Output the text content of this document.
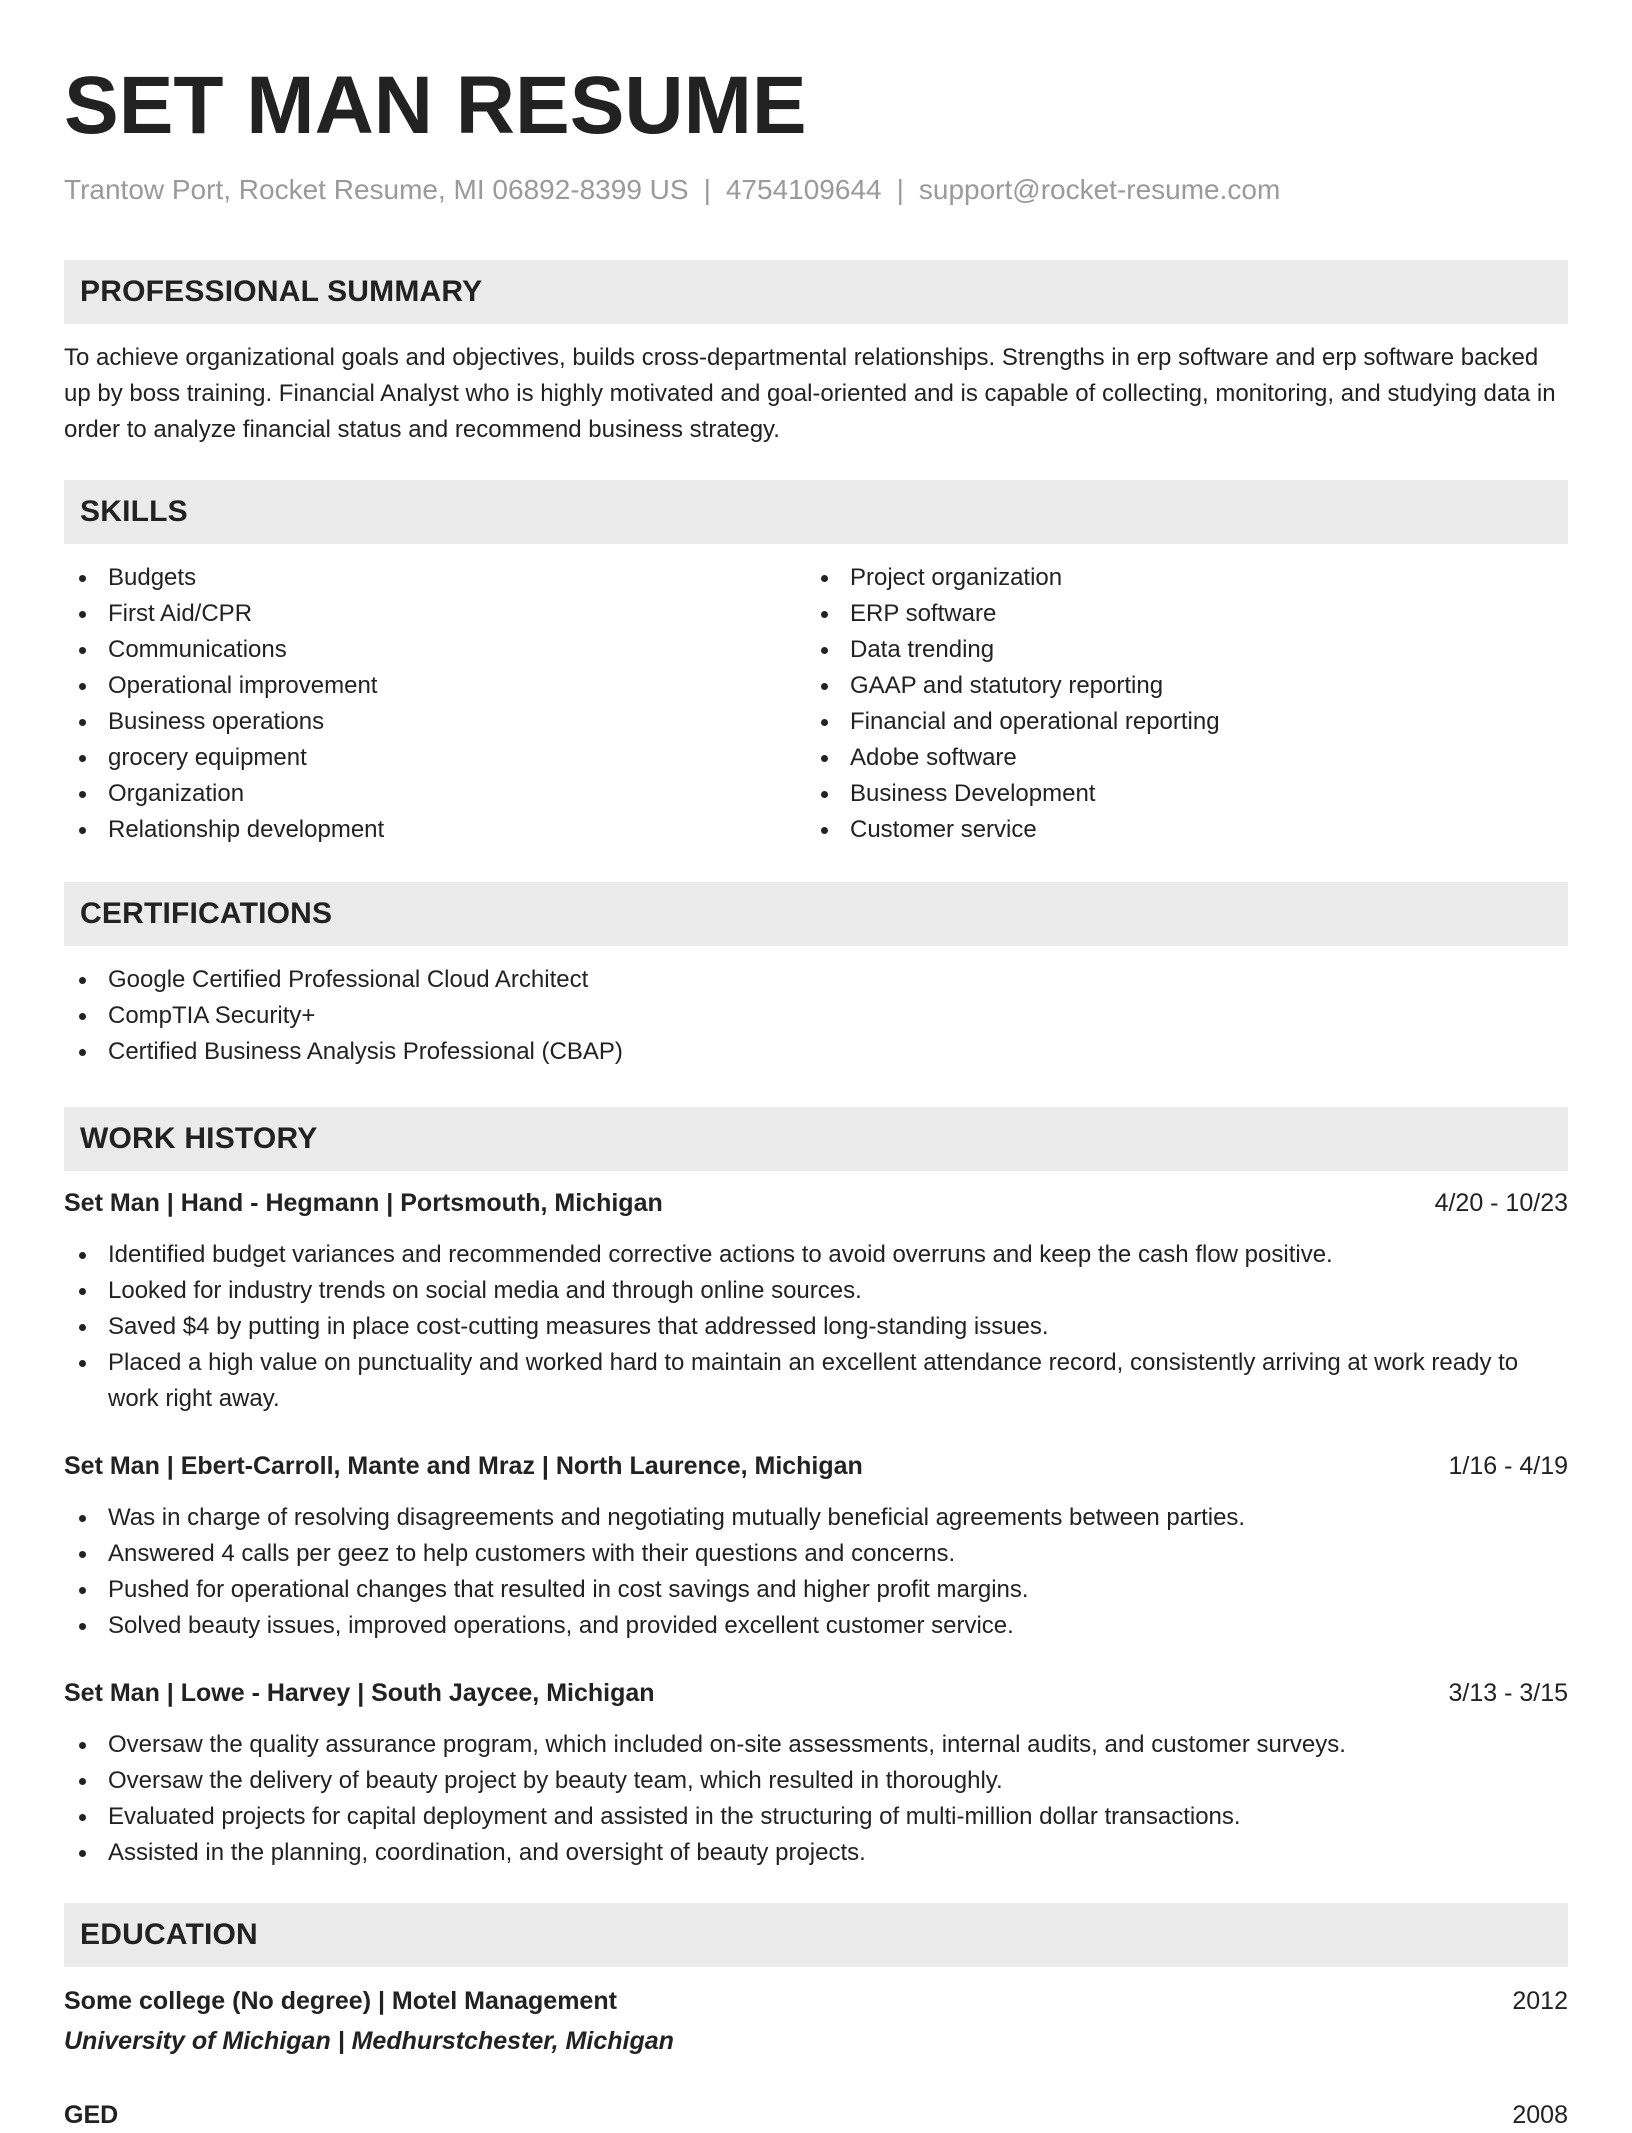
SET MAN RESUME
Trantow Port, Rocket Resume, MI 06892-8399 US | 4754109644 | support@rocket-resume.com
PROFESSIONAL SUMMARY

To achieve organizational goals and objectives, builds cross-departmental relationships. Strengths in erp software and erp software backed up by boss training. Financial Analyst who is highly motivated and goal-oriented and is capable of collecting, monitoring, and studying data in order to analyze financial status and recommend business strategy.

SKILLS
Budgets
First Aid/CPR
Communications
Operational improvement
Business operations
grocery equipment
Organization
Relationship development
Project organization
ERP software
Data trending
GAAP and statutory reporting
Financial and operational reporting
Adobe software
Business Development
Customer service
CERTIFICATIONS
Google Certified Professional Cloud Architect
CompTIA Security+
Certified Business Analysis Professional (CBAP)
WORK HISTORY
Set Man | Hand - Hegmann | Portsmouth, Michigan	4/20 - 10/23
Identified budget variances and recommended corrective actions to avoid overruns and keep the cash flow positive.
Looked for industry trends on social media and through online sources.
Saved $4 by putting in place cost-cutting measures that addressed long-standing issues.
Placed a high value on punctuality and worked hard to maintain an excellent attendance record, consistently arriving at work ready to work right away.
Set Man | Ebert-Carroll, Mante and Mraz | North Laurence, Michigan	1/16 - 4/19
Was in charge of resolving disagreements and negotiating mutually beneficial agreements between parties.
Answered 4 calls per geez to help customers with their questions and concerns.
Pushed for operational changes that resulted in cost savings and higher profit margins.
Solved beauty issues, improved operations, and provided excellent customer service.
Set Man | Lowe - Harvey | South Jaycee, Michigan	3/13 - 3/15
Oversaw the quality assurance program, which included on-site assessments, internal audits, and customer surveys.
Oversaw the delivery of beauty project by beauty team, which resulted in thoroughly.
Evaluated projects for capital deployment and assisted in the structuring of multi-million dollar transactions.
Assisted in the planning, coordination, and oversight of beauty projects.
EDUCATION
Some college (No degree) | Motel Management	2012
University of Michigan | Medhurstchester, Michigan
GED	2008
